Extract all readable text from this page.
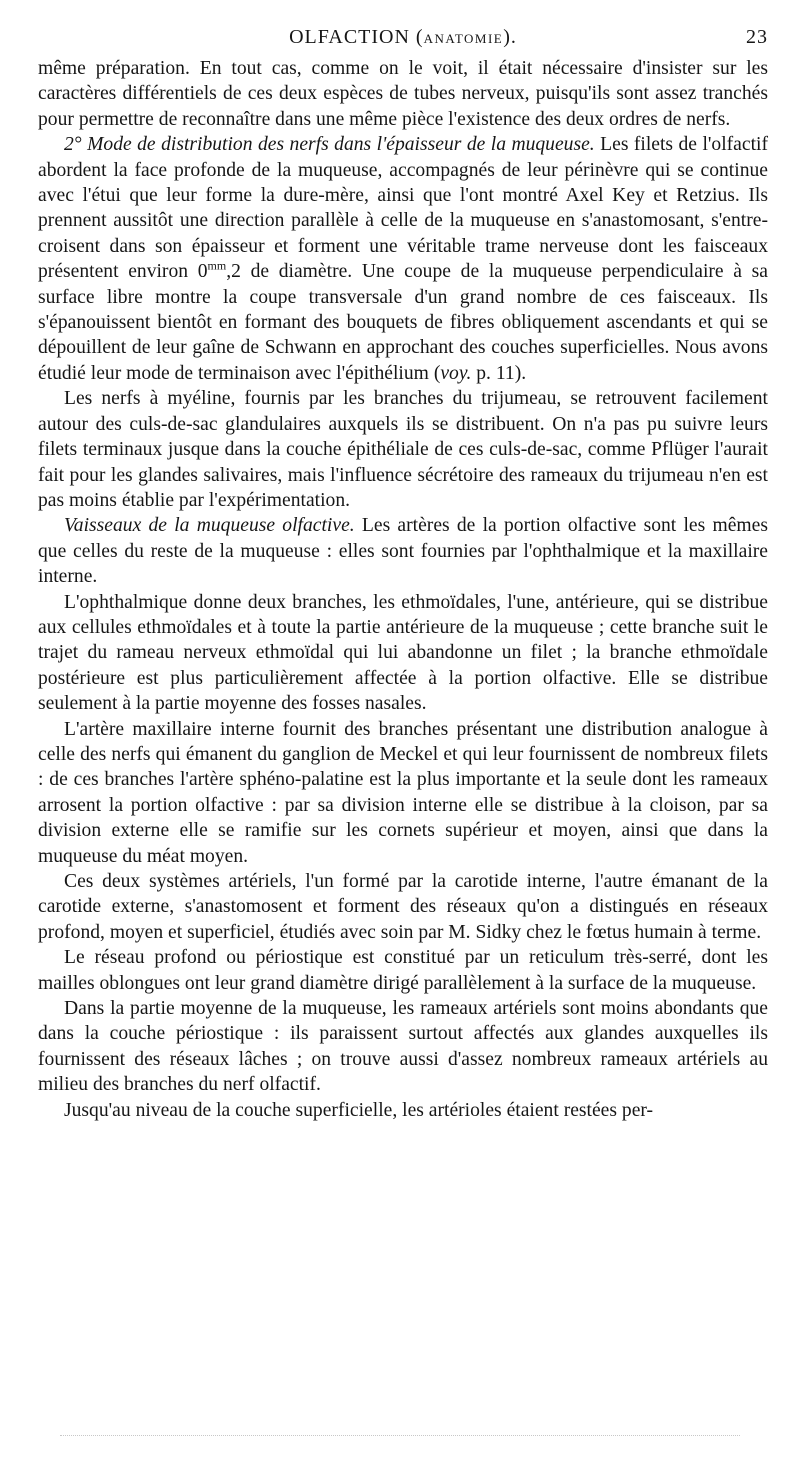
OLFACTION (ANATOMIE).	23

même préparation. En tout cas, comme on le voit, il était nécessaire d'insister sur les caractères différentiels de ces deux espèces de tubes nerveux, puisqu'ils sont assez tranchés pour permettre de reconnaître dans une même pièce l'existence des deux ordres de nerfs.

2° Mode de distribution des nerfs dans l'épaisseur de la muqueuse. Les filets de l'olfactif abordent la face profonde de la muqueuse, accompagnés de leur périnèvre qui se continue avec l'étui que leur forme la dure-mère, ainsi que l'ont montré Axel Key et Retzius. Ils prennent aussitôt une direction parallèle à celle de la muqueuse en s'anastomosant, s'entre-croisent dans son épaisseur et forment une véritable trame nerveuse dont les faisceaux présentent environ $0^{mm},2$ de diamètre. Une coupe de la muqueuse perpendiculaire à sa surface libre montre la coupe transversale d'un grand nombre de ces faisceaux. Ils s'épanouissent bientôt en formant des bouquets de fibres obliquement ascendants et qui se dépouillent de leur gaîne de Schwann en approchant des couches superficielles. Nous avons étudié leur mode de terminaison avec l'épithélium (voy. p. 11).

Les nerfs à myéline, fournis par les branches du trijumeau, se retrouvent facilement autour des culs-de-sac glandulaires auxquels ils se distribuent. On n'a pas pu suivre leurs filets terminaux jusque dans la couche épithéliale de ces culs-de-sac, comme Pflüger l'aurait fait pour les glandes salivaires, mais l'influence sécrétoire des rameaux du trijumeau n'en est pas moins établie par l'expérimentation.

Vaisseaux de la muqueuse olfactive. Les artères de la portion olfactive sont les mêmes que celles du reste de la muqueuse : elles sont fournies par l'ophthalmique et la maxillaire interne.

L'ophthalmique donne deux branches, les ethmoïdales, l'une, antérieure, qui se distribue aux cellules ethmoïdales et à toute la partie antérieure de la muqueuse ; cette branche suit le trajet du rameau nerveux ethmoïdal qui lui abandonne un filet ; la branche ethmoïdale postérieure est plus particulièrement affectée à la portion olfactive. Elle se distribue seulement à la partie moyenne des fosses nasales.

L'artère maxillaire interne fournit des branches présentant une distribution analogue à celle des nerfs qui émanent du ganglion de Meckel et qui leur fournissent de nombreux filets : de ces branches l'artère sphéno-palatine est la plus importante et la seule dont les rameaux arrosent la portion olfactive : par sa division interne elle se distribue à la cloison, par sa division externe elle se ramifie sur les cornets supérieur et moyen, ainsi que dans la muqueuse du méat moyen.

Ces deux systèmes artériels, l'un formé par la carotide interne, l'autre émanant de la carotide externe, s'anastomosent et forment des réseaux qu'on a distingués en réseaux profond, moyen et superficiel, étudiés avec soin par M. Sidky chez le fœtus humain à terme.

Le réseau profond ou périostique est constitué par un reticulum très-serré, dont les mailles oblongues ont leur grand diamètre dirigé parallèlement à la surface de la muqueuse.

Dans la partie moyenne de la muqueuse, les rameaux artériels sont moins abondants que dans la couche périostique : ils paraissent surtout affectés aux glandes auxquelles ils fournissent des réseaux lâches ; on trouve aussi d'assez nombreux rameaux artériels au milieu des branches du nerf olfactif.

Jusqu'au niveau de la couche superficielle, les artérioles étaient restées per-
